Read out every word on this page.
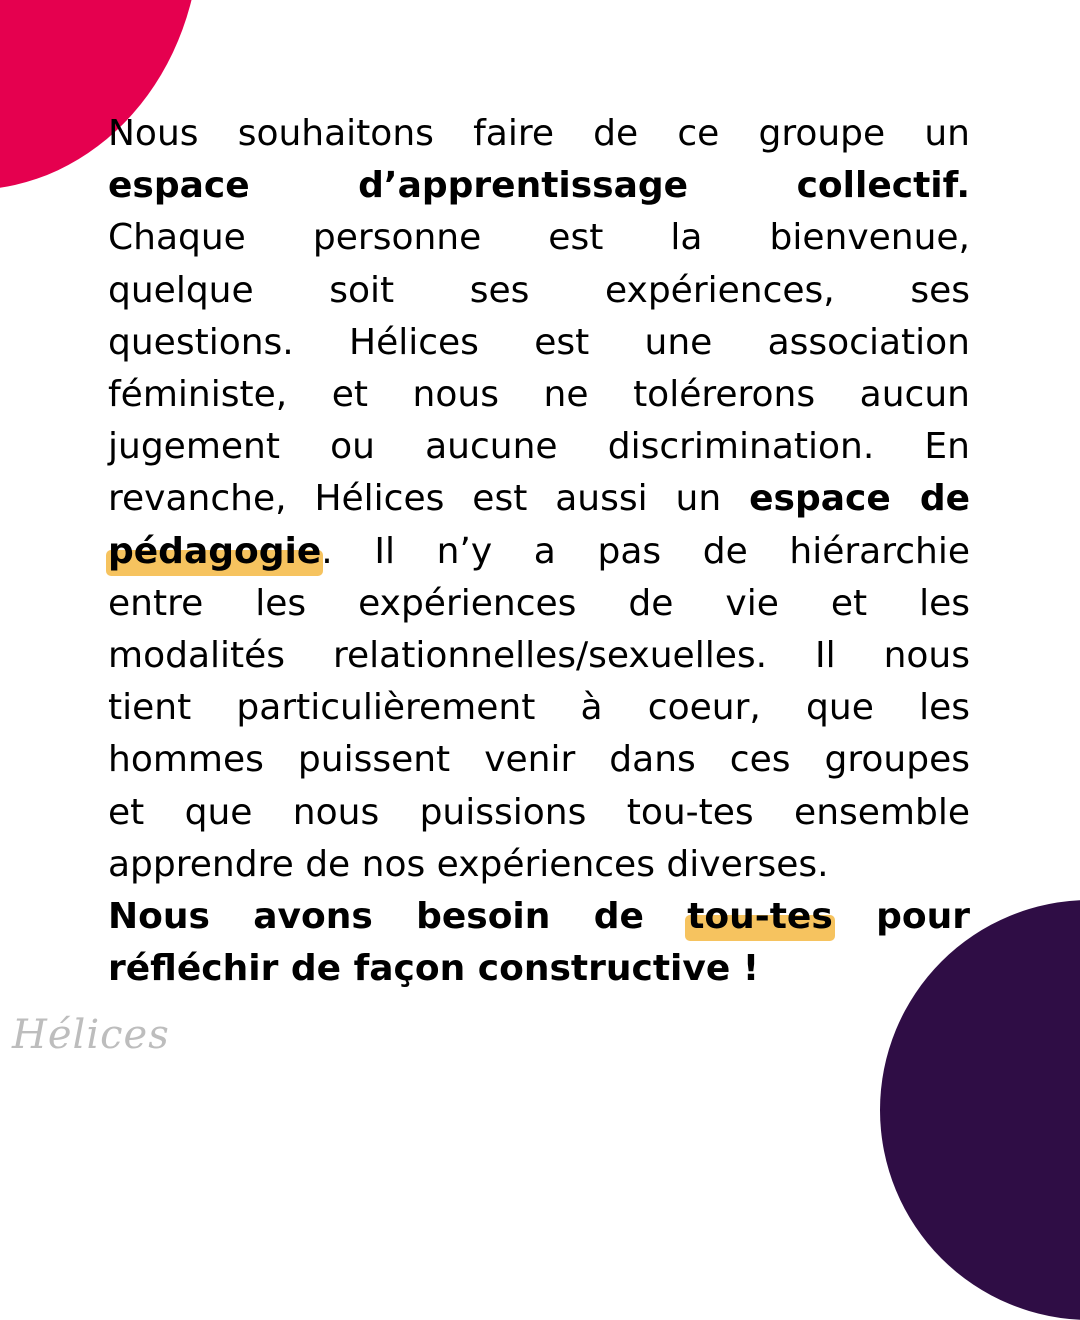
Nous souhaitons faire de ce groupe un
espace d’apprentissage collectif.
Chaque personne est la bienvenue,
quelque soit ses expériences, ses
questions. Hélices est une association
féministe, et nous ne tolérerons aucun
jugement ou aucune discrimination. En
revanche, Hélices est aussi un espace de
pédagogie. Il n’y a pas de hiérarchie
entre les expériences de vie et les
modalités relationnelles/sexuelles. Il nous
tient particulièrement à coeur, que les
hommes puissent venir dans ces groupes
et que nous puissions tou-tes ensemble
apprendre de nos expériences diverses.
Nous avons besoin de tou-tes pour
réfléchir de façon constructive !
Hélices
